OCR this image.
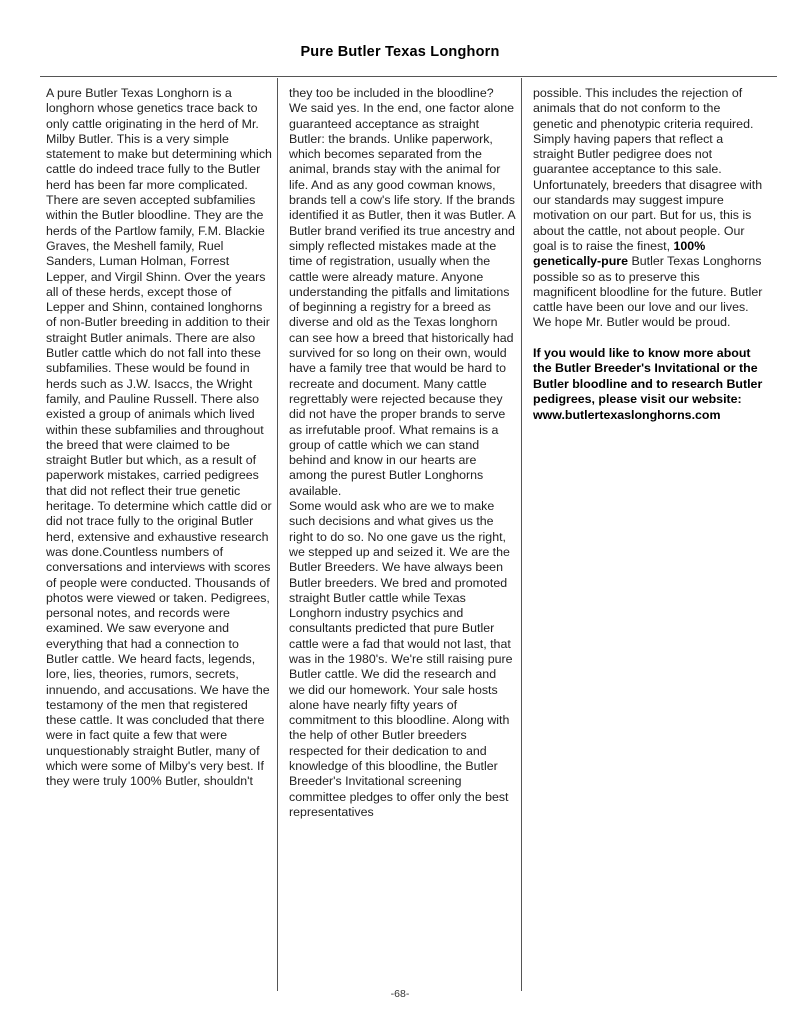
Pure Butler Texas Longhorn

A pure Butler Texas Longhorn is a longhorn whose genetics trace back to only cattle originating in the herd of Mr. Milby Butler. This is a very simple statement to make but determining which cattle do indeed trace fully to the Butler herd has been far more complicated. There are seven accepted subfamilies within the Butler bloodline. They are the herds of the Partlow family, F.M. Blackie Graves, the Meshell family, Ruel Sanders, Luman Holman, Forrest Lepper, and Virgil Shinn. Over the years all of these herds, except those of Lepper and Shinn, contained longhorns of non-Butler breeding in addition to their straight Butler animals. There are also Butler cattle which do not fall into these subfamilies. These would be found in herds such as J.W. Isaccs, the Wright family, and Pauline Russell. There also existed a group of animals which lived within these subfamilies and throughout the breed that were claimed to be straight Butler but which, as a result of paperwork mistakes, carried pedigrees that did not reflect their true genetic heritage. To determine which cattle did or did not trace fully to the original Butler herd, extensive and exhaustive research was done.Countless numbers of conversations and interviews with scores of people were conducted. Thousands of photos were viewed or taken. Pedigrees, personal notes, and records were examined. We saw everyone and everything that had a connection to Butler cattle. We heard facts, legends, lore, lies, theories, rumors, secrets, innuendo, and accusations. We have the testamony of the men that registered these cattle. It was concluded that there were in fact quite a few that were unquestionably straight Butler, many of which were some of Milby's very best. If they were truly 100% Butler, shouldn't

they too be included in the bloodline? We said yes. In the end, one factor alone guaranteed acceptance as straight Butler: the brands. Unlike paperwork, which becomes separated from the animal, brands stay with the animal for life. And as any good cowman knows, brands tell a cow's life story. If the brands identified it as Butler, then it was Butler. A Butler brand verified its true ancestry and simply reflected mistakes made at the time of registration, usually when the cattle were already mature. Anyone understanding the pitfalls and limitations of beginning a registry for a breed as diverse and old as the Texas longhorn can see how a breed that historically had survived for so long on their own, would have a family tree that would be hard to recreate and document. Many cattle regrettably were rejected because they did not have the proper brands to serve as irrefutable proof. What remains is a group of cattle which we can stand behind and know in our hearts are among the purest Butler Longhorns available.

Some would ask who are we to make such decisions and what gives us the right to do so. No one gave us the right, we stepped up and seized it. We are the Butler Breeders. We have always been Butler breeders. We bred and promoted straight Butler cattle while Texas Longhorn industry psychics and consultants predicted that pure Butler cattle were a fad that would not last, that was in the 1980's. We're still raising pure Butler cattle. We did the research and we did our homework. Your sale hosts alone have nearly fifty years of commitment to this bloodline. Along with the help of other Butler breeders respected for their dedication to and knowledge of this bloodline, the Butler Breeder's Invitational screening committee pledges to offer only the best representatives

possible. This includes the rejection of animals that do not conform to the genetic and phenotypic criteria required. Simply having papers that reflect a straight Butler pedigree does not guarantee acceptance to this sale. Unfortunately, breeders that disagree with our standards may suggest impure motivation on our part. But for us, this is about the cattle, not about people. Our goal is to raise the finest, 100% genetically-pure Butler Texas Longhorns possible so as to preserve this magnificent bloodline for the future. Butler cattle have been our love and our lives. We hope Mr. Butler would be proud.

If you would like to know more about the Butler Breeder's Invitational or the Butler bloodline and to research Butler pedigrees, please visit our website: www.butlertexaslonghorns.com

-68-
